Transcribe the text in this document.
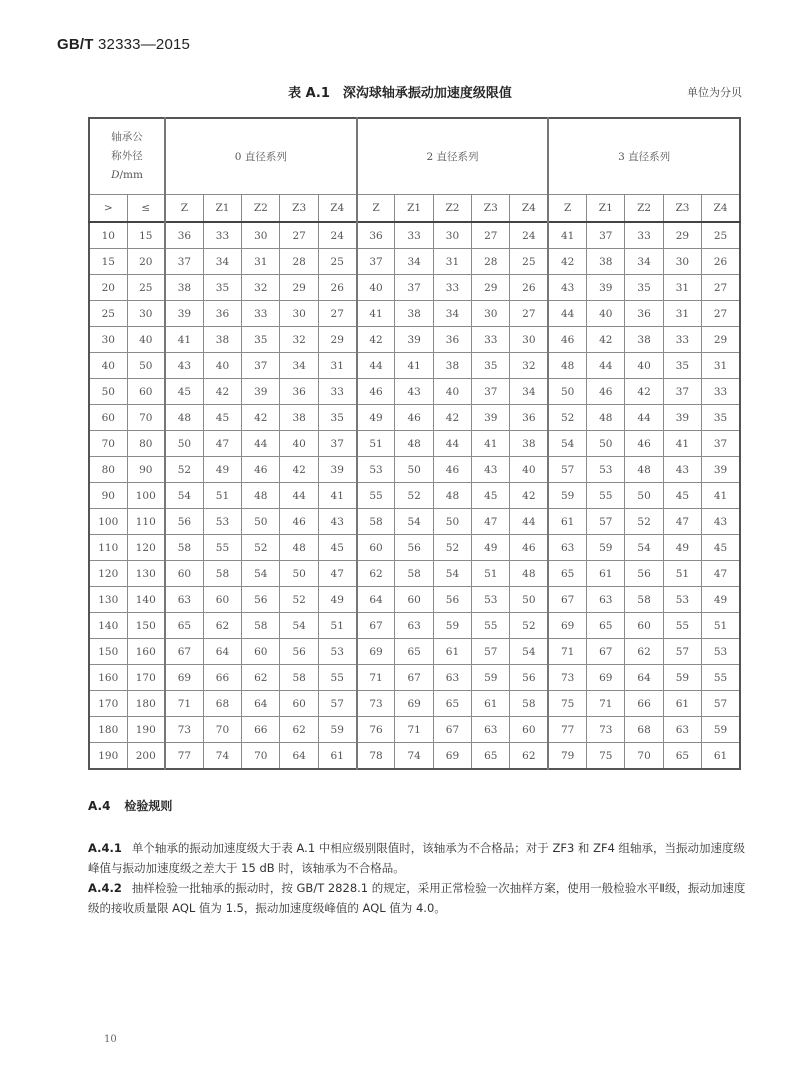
GB/T 32333—2015
表 A.1　深沟球轴承振动加速度级限值	单位为分贝
轴承公
称外径
D/mm		0 直径系列					2 直径系列					3 直径系列				
>	≤	Z	Z1	Z2	Z3	Z4	Z	Z1	Z2	Z3	Z4	Z	Z1	Z2	Z3	Z4
10	15	36	33	30	27	24	36	33	30	27	24	41	37	33	29	25
15	20	37	34	31	28	25	37	34	31	28	25	42	38	34	30	26
20	25	38	35	32	29	26	40	37	33	29	26	43	39	35	31	27
25	30	39	36	33	30	27	41	38	34	30	27	44	40	36	31	27
30	40	41	38	35	32	29	42	39	36	33	30	46	42	38	33	29
40	50	43	40	37	34	31	44	41	38	35	32	48	44	40	35	31
50	60	45	42	39	36	33	46	43	40	37	34	50	46	42	37	33
60	70	48	45	42	38	35	49	46	42	39	36	52	48	44	39	35
70	80	50	47	44	40	37	51	48	44	41	38	54	50	46	41	37
80	90	52	49	46	42	39	53	50	46	43	40	57	53	48	43	39
90	100	54	51	48	44	41	55	52	48	45	42	59	55	50	45	41
100	110	56	53	50	46	43	58	54	50	47	44	61	57	52	47	43
110	120	58	55	52	48	45	60	56	52	49	46	63	59	54	49	45
120	130	60	58	54	50	47	62	58	54	51	48	65	61	56	51	47
130	140	63	60	56	52	49	64	60	56	53	50	67	63	58	53	49
140	150	65	62	58	54	51	67	63	59	55	52	69	65	60	55	51
150	160	67	64	60	56	53	69	65	61	57	54	71	67	62	57	53
160	170	69	66	62	58	55	71	67	63	59	56	73	69	64	59	55
170	180	71	68	64	60	57	73	69	65	61	58	75	71	66	61	57
180	190	73	70	66	62	59	76	71	67	63	60	77	73	68	63	59
190	200	77	74	70	64	61	78	74	69	65	62	79	75	70	65	61
A.4 检验规则
A.4.1 单个轴承的振动加速度级大于表 A.1 中相应级别限值时，该轴承为不合格品；对于 ZF3 和 ZF4 组轴承，当振动加速度级峰值与振动加速度级之差大于 15 dB 时，该轴承为不合格品。
A.4.2 抽样检验一批轴承的振动时，按 GB/T 2828.1 的规定，采用正常检验一次抽样方案，使用一般检验水平Ⅱ级，振动加速度级的接收质量限 AQL 值为 1.5，振动加速度级峰值的 AQL 值为 4.0。
10
